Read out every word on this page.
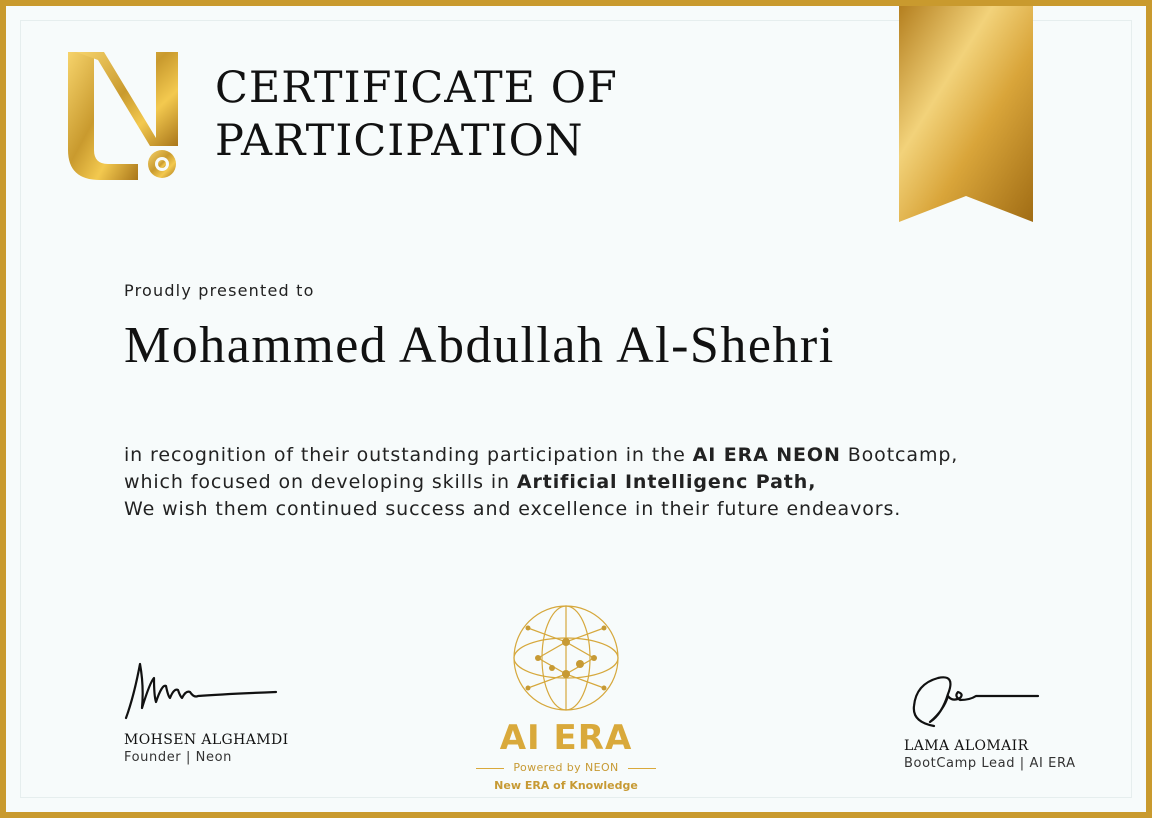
CERTIFICATE OF
PARTICIPATION
Proudly presented to
Mohammed Abdullah Al-Shehri
in recognition of their outstanding participation in the AI ERA NEON Bootcamp,
which focused on developing skills in Artificial Intelligenc Path,
We wish them continued success and excellence in their future endeavors.
MOHSEN ALGHAMDI
Founder | Neon	AI ERA
Powered by NEON
New ERA of Knowledge
LAMA ALOMAIR
BootCamp Lead | AI ERA
